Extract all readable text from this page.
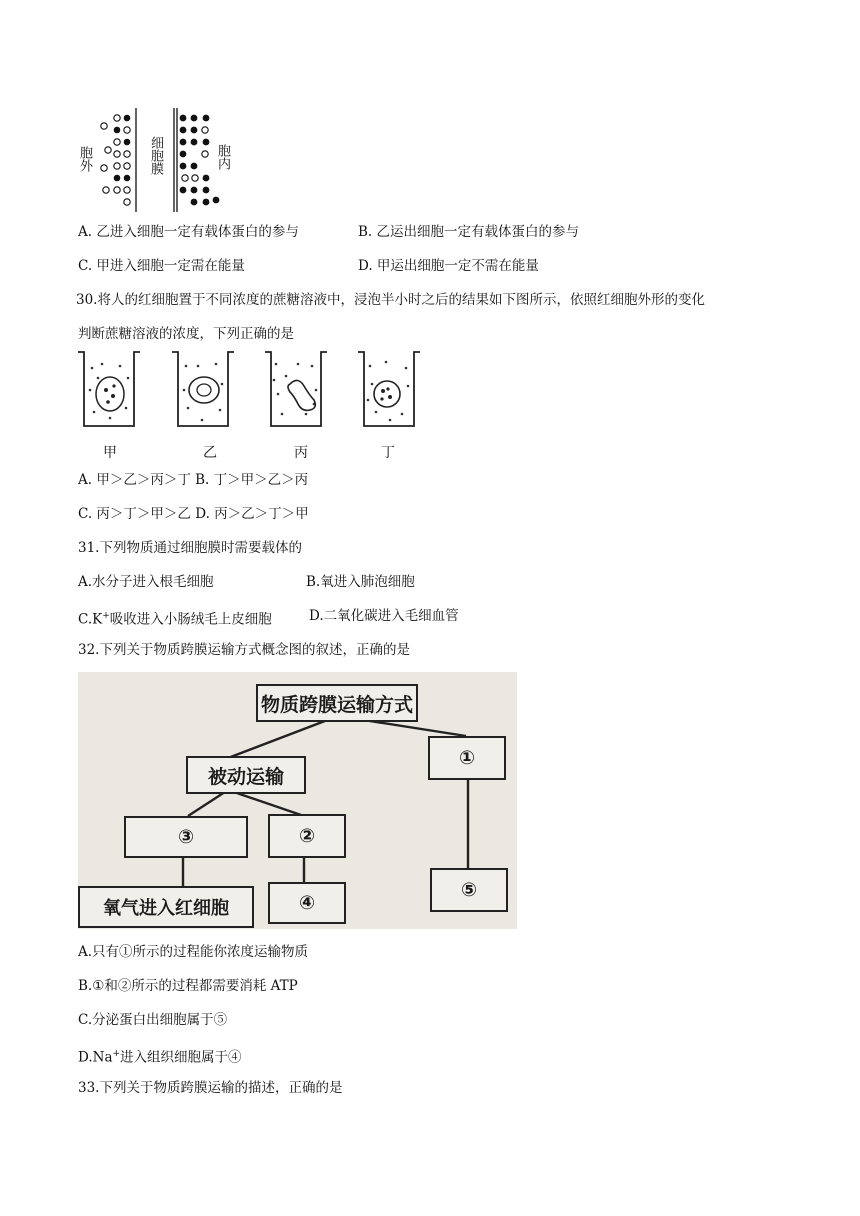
胞外	细胞膜	胞内
A. 乙进入细胞一定有载体蛋白的参与	B. 乙运出细胞一定有载体蛋白的参与
C. 甲进入细胞一定需在能量	D. 甲运出细胞一定不需在能量
30.将人的红细胞置于不同浓度的蔗糖溶液中，浸泡半小时之后的结果如下图所示，依照红细胞外形的变化
判断蔗糖溶液的浓度，下列正确的是
甲	乙	丙	丁
A. 甲＞乙＞丙＞丁 B. 丁＞甲＞乙＞丙
C. 丙＞丁＞甲＞乙 D. 丙＞乙＞丁＞甲
31.下列物质通过细胞膜时需要载体的
A.水分子进入根毛细胞	B.氧进入肺泡细胞
C.K+吸收进入小肠绒毛上皮细胞	D.二氧化碳进入毛细血管
32.下列关于物质跨膜运输方式概念图的叙述，正确的是
物质跨膜运输方式
被动运输
①
③	②
氧气进入红细胞	④
⑤
A.只有①所示的过程能你浓度运输物质
B.①和②所示的过程都需要消耗 ATP
C.分泌蛋白出细胞属于⑤
D.Na+进入组织细胞属于④
33.下列关于物质跨膜运输的描述，正确的是
